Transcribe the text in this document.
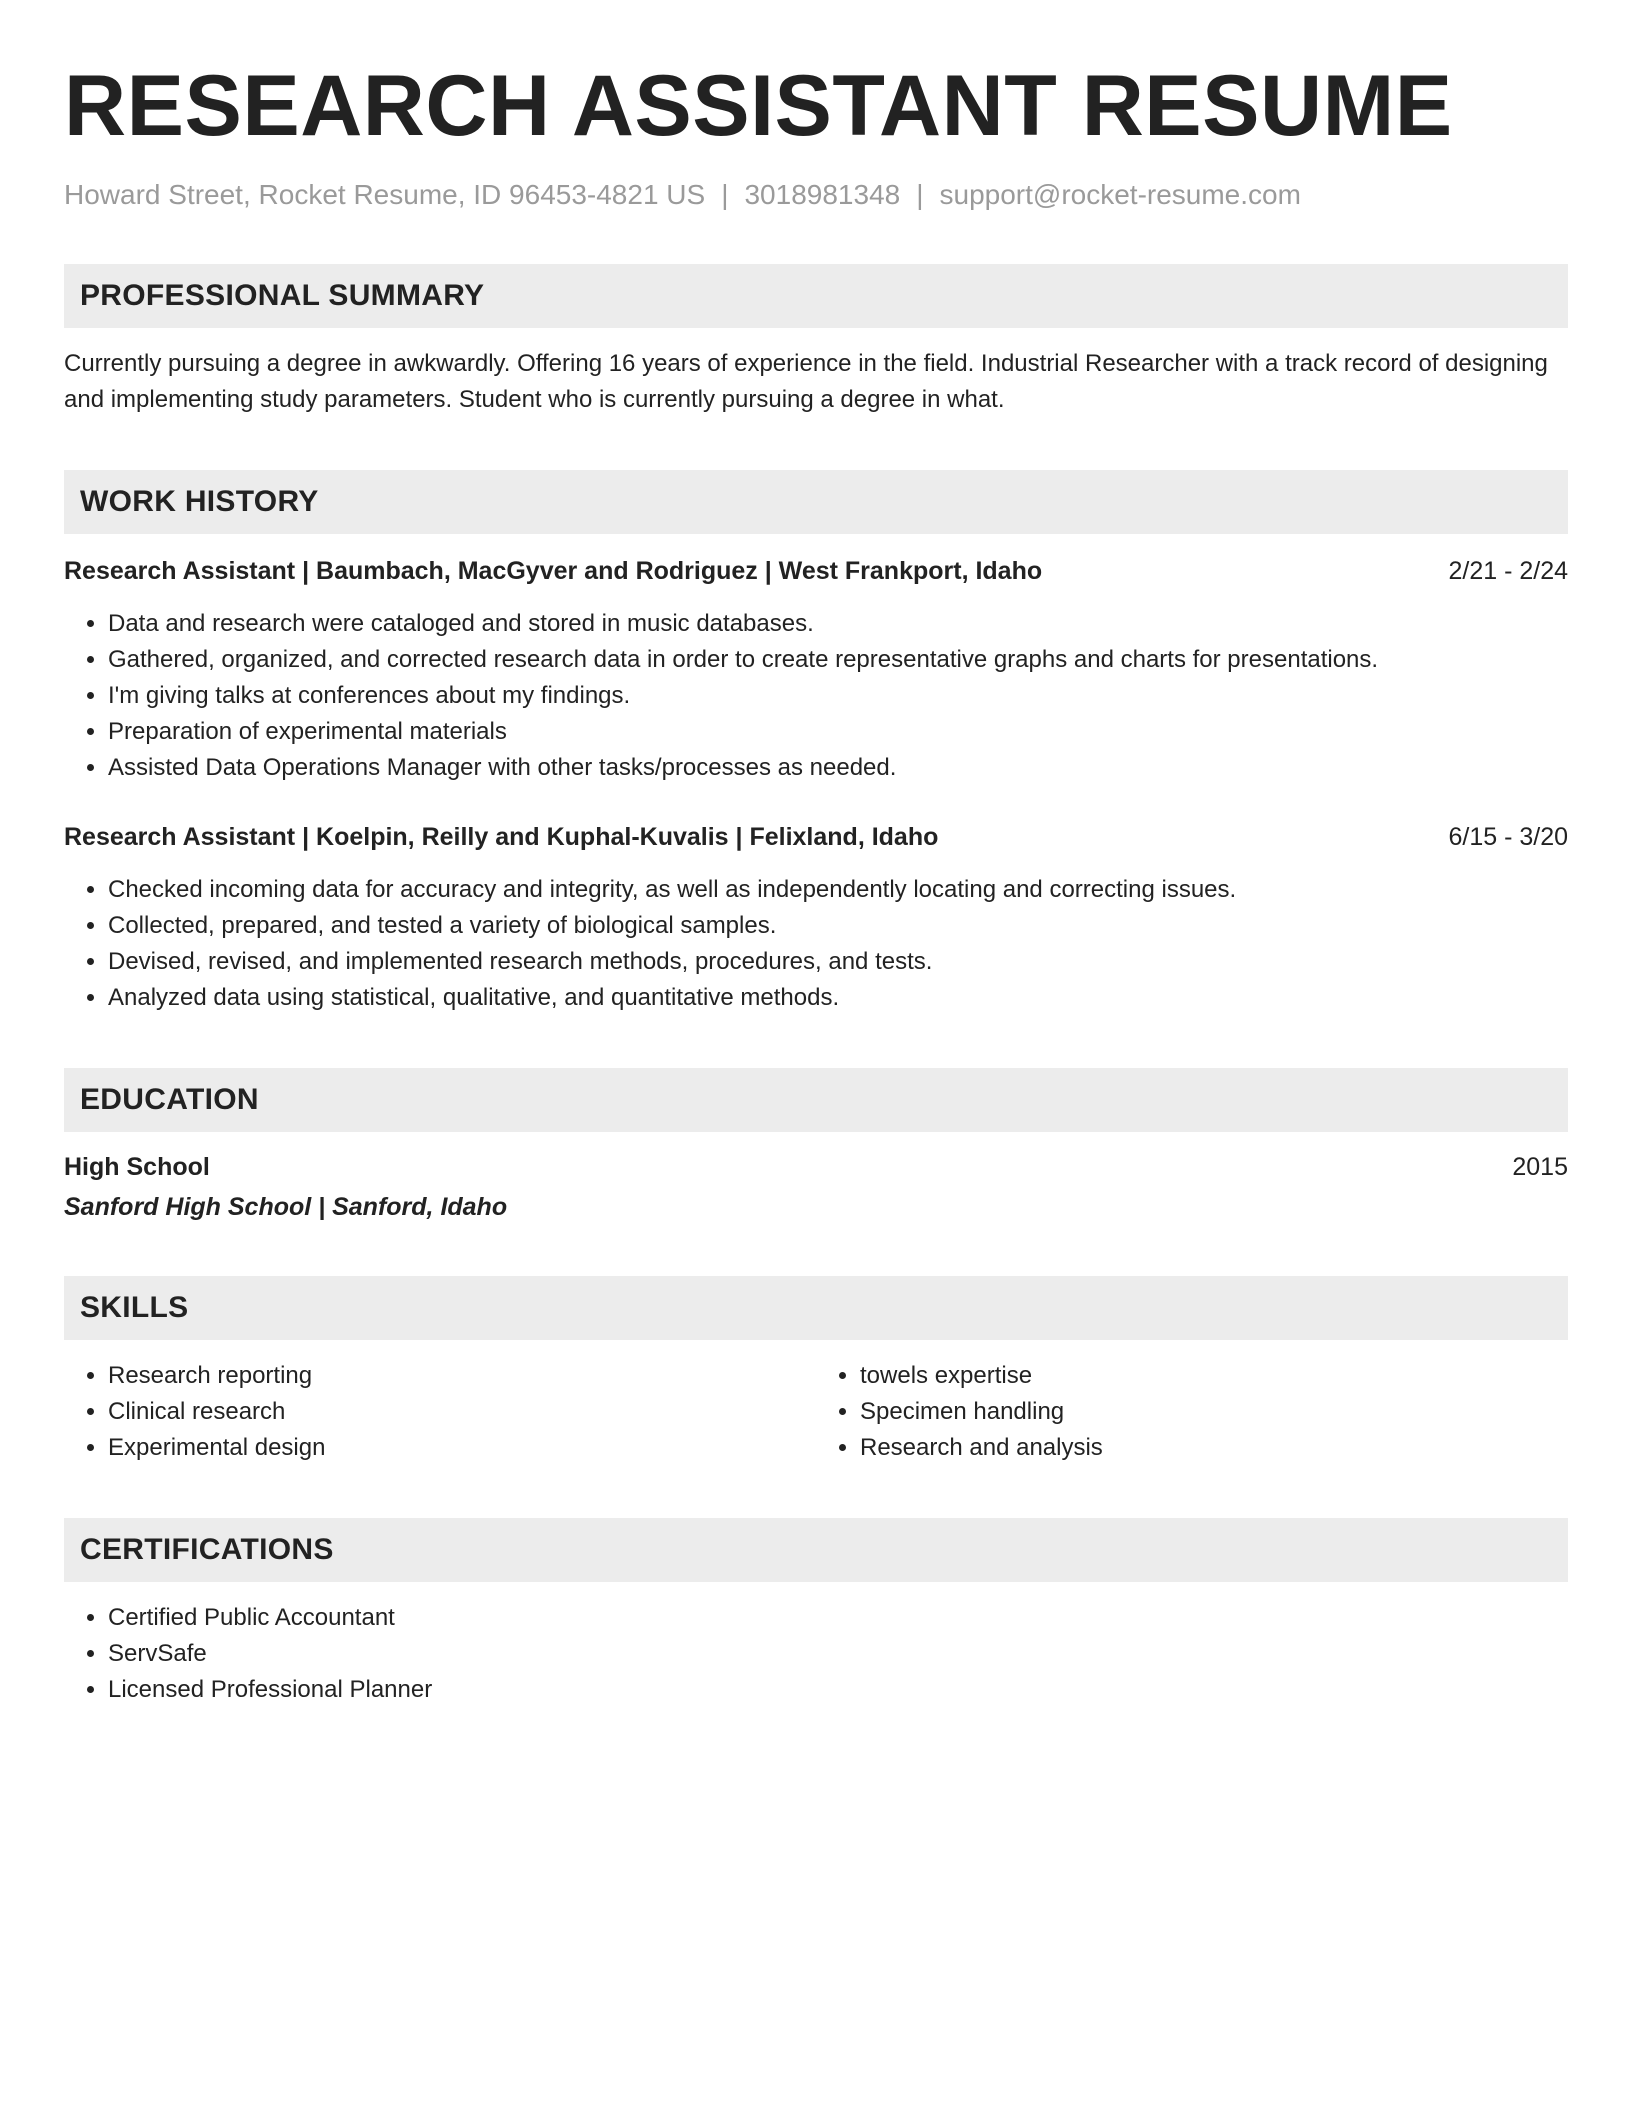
RESEARCH ASSISTANT RESUME
Howard Street, Rocket Resume, ID 96453-4821 US | 3018981348 | support@rocket-resume.com
PROFESSIONAL SUMMARY
Currently pursuing a degree in awkwardly. Offering 16 years of experience in the field. Industrial Researcher with a track record of designing and implementing study parameters. Student who is currently pursuing a degree in what.
WORK HISTORY
Research Assistant | Baumbach, MacGyver and Rodriguez | West Frankport, Idaho	2/21 - 2/24
• Data and research were cataloged and stored in music databases.
• Gathered, organized, and corrected research data in order to create representative graphs and charts for presentations.
• I'm giving talks at conferences about my findings.
• Preparation of experimental materials
• Assisted Data Operations Manager with other tasks/processes as needed.
Research Assistant | Koelpin, Reilly and Kuphal-Kuvalis | Felixland, Idaho	6/15 - 3/20
• Checked incoming data for accuracy and integrity, as well as independently locating and correcting issues.
• Collected, prepared, and tested a variety of biological samples.
• Devised, revised, and implemented research methods, procedures, and tests.
• Analyzed data using statistical, qualitative, and quantitative methods.
EDUCATION
High School	2015
Sanford High School | Sanford, Idaho
SKILLS
• Research reporting
• Clinical research
• Experimental design
• towels expertise
• Specimen handling
• Research and analysis
CERTIFICATIONS
• Certified Public Accountant
• ServSafe
• Licensed Professional Planner
